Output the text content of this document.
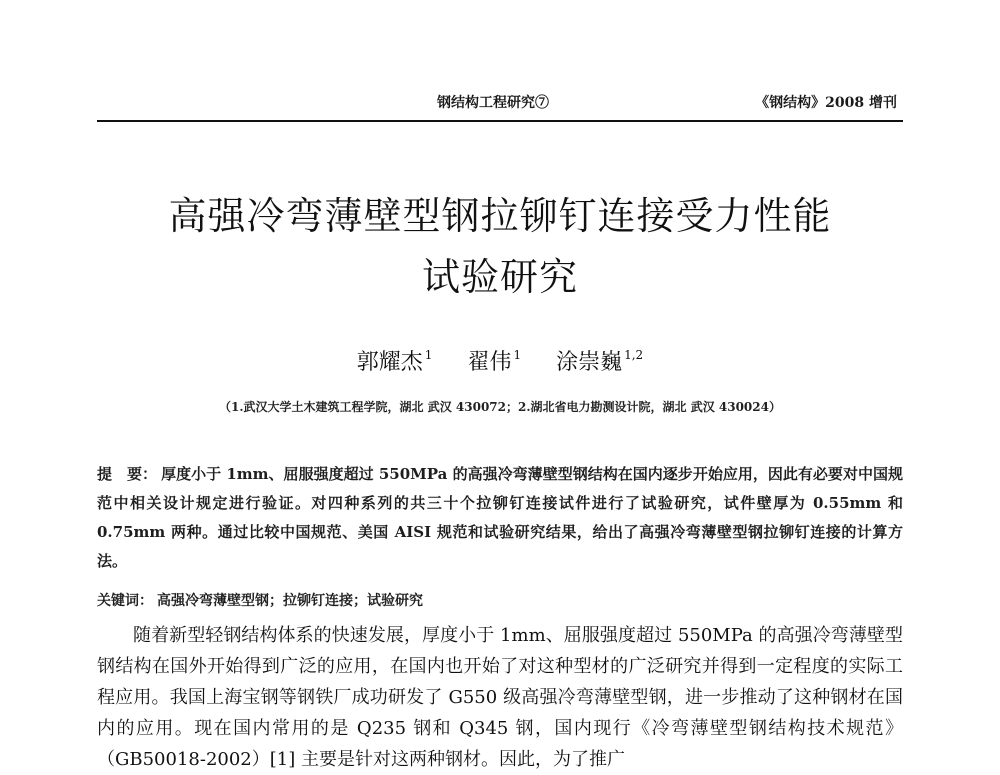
钢结构工程研究⑦	《钢结构》2008 增刊
高强冷弯薄壁型钢拉铆钉连接受力性能
试验研究
郭耀杰 $^1$ 翟伟 $^1$ 涂崇巍 $^{1,2}$
（1.武汉大学土木建筑工程学院，湖北 武汉 430072；2.湖北省电力勘测设计院，湖北 武汉 430024）
提　要： 厚度小于 1mm、屈服强度超过 550MPa 的高强冷弯薄壁型钢结构在国内逐步开始应用，因此有必要对中国规范中相关设计规定进行验证。对四种系列的共三十个拉铆钉连接试件进行了试验研究，试件壁厚为 0.55mm 和 0.75mm 两种。通过比较中国规范、美国 AISI 规范和试验研究结果，给出了高强冷弯薄壁型钢拉铆钉连接的计算方法。
关键词： 高强冷弯薄壁型钢；拉铆钉连接；试验研究

随着新型轻钢结构体系的快速发展，厚度小于 1mm、屈服强度超过 550MPa 的高强冷弯薄壁型钢结构在国外开始得到广泛的应用，在国内也开始了对这种型材的广泛研究并得到一定程度的实际工程应用。我国上海宝钢等钢铁厂成功研发了 G550 级高强冷弯薄壁型钢，进一步推动了这种钢材在国内的应用。现在国内常用的是 Q235 钢和 Q345 钢，国内现行《冷弯薄壁型钢结构技术规范》（GB50018-2002）[1] 主要是针对这两种钢材。因此，为了推广
